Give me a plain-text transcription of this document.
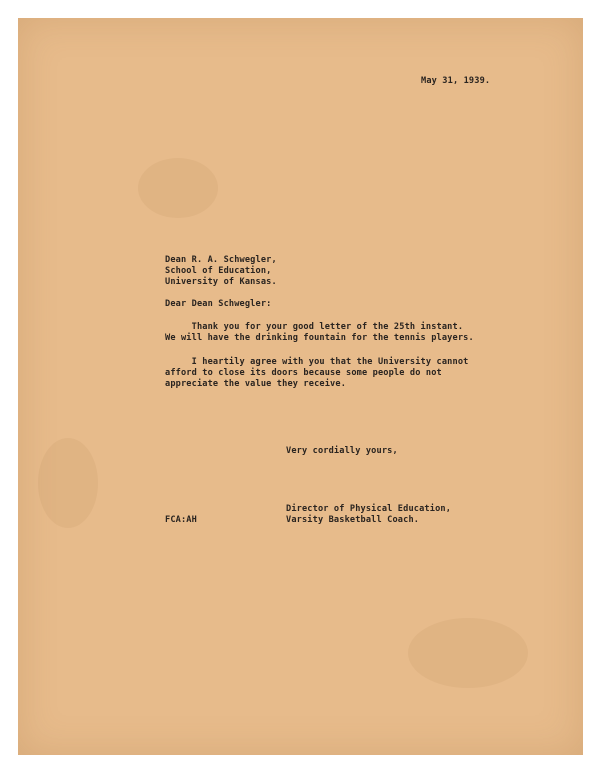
May 31, 1939.
Dean R. A. Schwegler,
School of Education,
University of Kansas.
Dear Dean Schwegler:
Thank you for your good letter of the 25th instant.
We will have the drinking fountain for the tennis players.
I heartily agree with you that the University cannot
afford to close its doors because some people do not
appreciate the value they receive.
Very cordially yours,
FCA:AH
Director of Physical Education,
Varsity Basketball Coach.
